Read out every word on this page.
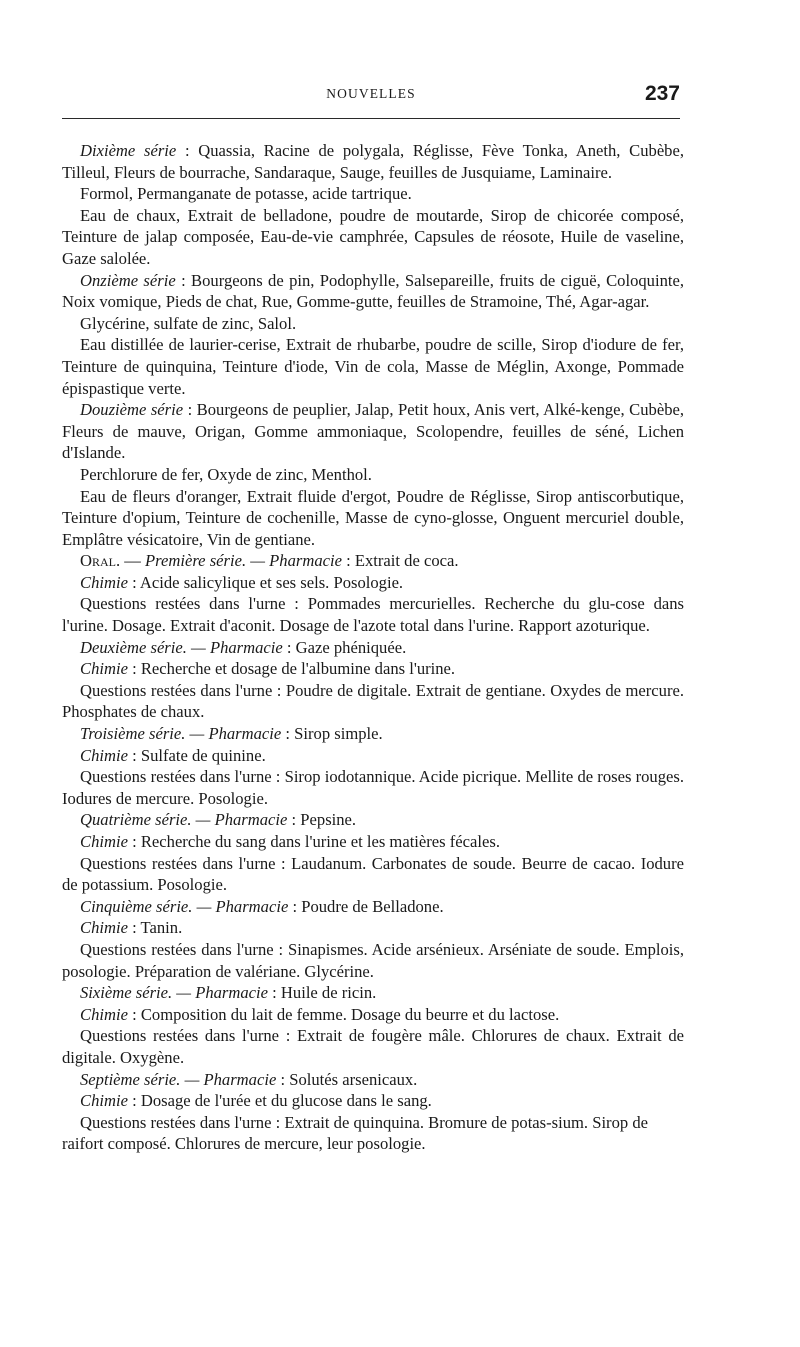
NOUVELLES	237

Dixième série : Quassia, Racine de polygala, Réglisse, Fève Tonka, Aneth, Cubèbe, Tilleul, Fleurs de bourrache, Sandaraque, Sauge, feuilles de Jusquiame, Laminaire.

Formol, Permanganate de potasse, acide tartrique.

Eau de chaux, Extrait de belladone, poudre de moutarde, Sirop de chicorée composé, Teinture de jalap composée, Eau-de-vie camphrée, Capsules de réosote, Huile de vaseline, Gaze salolée.

Onzième série : Bourgeons de pin, Podophylle, Salsepareille, fruits de ciguë, Coloquinte, Noix vomique, Pieds de chat, Rue, Gomme-gutte, feuilles de Stramoine, Thé, Agar-agar.

Glycérine, sulfate de zinc, Salol.

Eau distillée de laurier-cerise, Extrait de rhubarbe, poudre de scille, Sirop d'iodure de fer, Teinture de quinquina, Teinture d'iode, Vin de cola, Masse de Méglin, Axonge, Pommade épispastique verte.

Douzième série : Bourgeons de peuplier, Jalap, Petit houx, Anis vert, Alké-kenge, Cubèbe, Fleurs de mauve, Origan, Gomme ammoniaque, Scolopendre, feuilles de séné, Lichen d'Islande.

Perchlorure de fer, Oxyde de zinc, Menthol.

Eau de fleurs d'oranger, Extrait fluide d'ergot, Poudre de Réglisse, Sirop antiscorbutique, Teinture d'opium, Teinture de cochenille, Masse de cyno-glosse, Onguent mercuriel double, Emplâtre vésicatoire, Vin de gentiane.

Oral. — Première série. — Pharmacie : Extrait de coca.

Chimie : Acide salicylique et ses sels. Posologie.

Questions restées dans l'urne : Pommades mercurielles. Recherche du glu-cose dans l'urine. Dosage. Extrait d'aconit. Dosage de l'azote total dans l'urine. Rapport azoturique.

Deuxième série. — Pharmacie : Gaze phéniquée.

Chimie : Recherche et dosage de l'albumine dans l'urine.

Questions restées dans l'urne : Poudre de digitale. Extrait de gentiane. Oxydes de mercure. Phosphates de chaux.

Troisième série. — Pharmacie : Sirop simple.

Chimie : Sulfate de quinine.

Questions restées dans l'urne : Sirop iodotannique. Acide picrique. Mellite de roses rouges. Iodures de mercure. Posologie.

Quatrième série. — Pharmacie : Pepsine.

Chimie : Recherche du sang dans l'urine et les matières fécales.

Questions restées dans l'urne : Laudanum. Carbonates de soude. Beurre de cacao. Iodure de potassium. Posologie.

Cinquième série. — Pharmacie : Poudre de Belladone.

Chimie : Tanin.

Questions restées dans l'urne : Sinapismes. Acide arsénieux. Arséniate de soude. Emplois, posologie. Préparation de valériane. Glycérine.

Sixième série. — Pharmacie : Huile de ricin.

Chimie : Composition du lait de femme. Dosage du beurre et du lactose.

Questions restées dans l'urne : Extrait de fougère mâle. Chlorures de chaux. Extrait de digitale. Oxygène.

Septième série. — Pharmacie : Solutés arsenicaux.

Chimie : Dosage de l'urée et du glucose dans le sang.

Questions restées dans l'urne : Extrait de quinquina. Bromure de potas-sium. Sirop de raifort composé. Chlorures de mercure, leur posologie.
